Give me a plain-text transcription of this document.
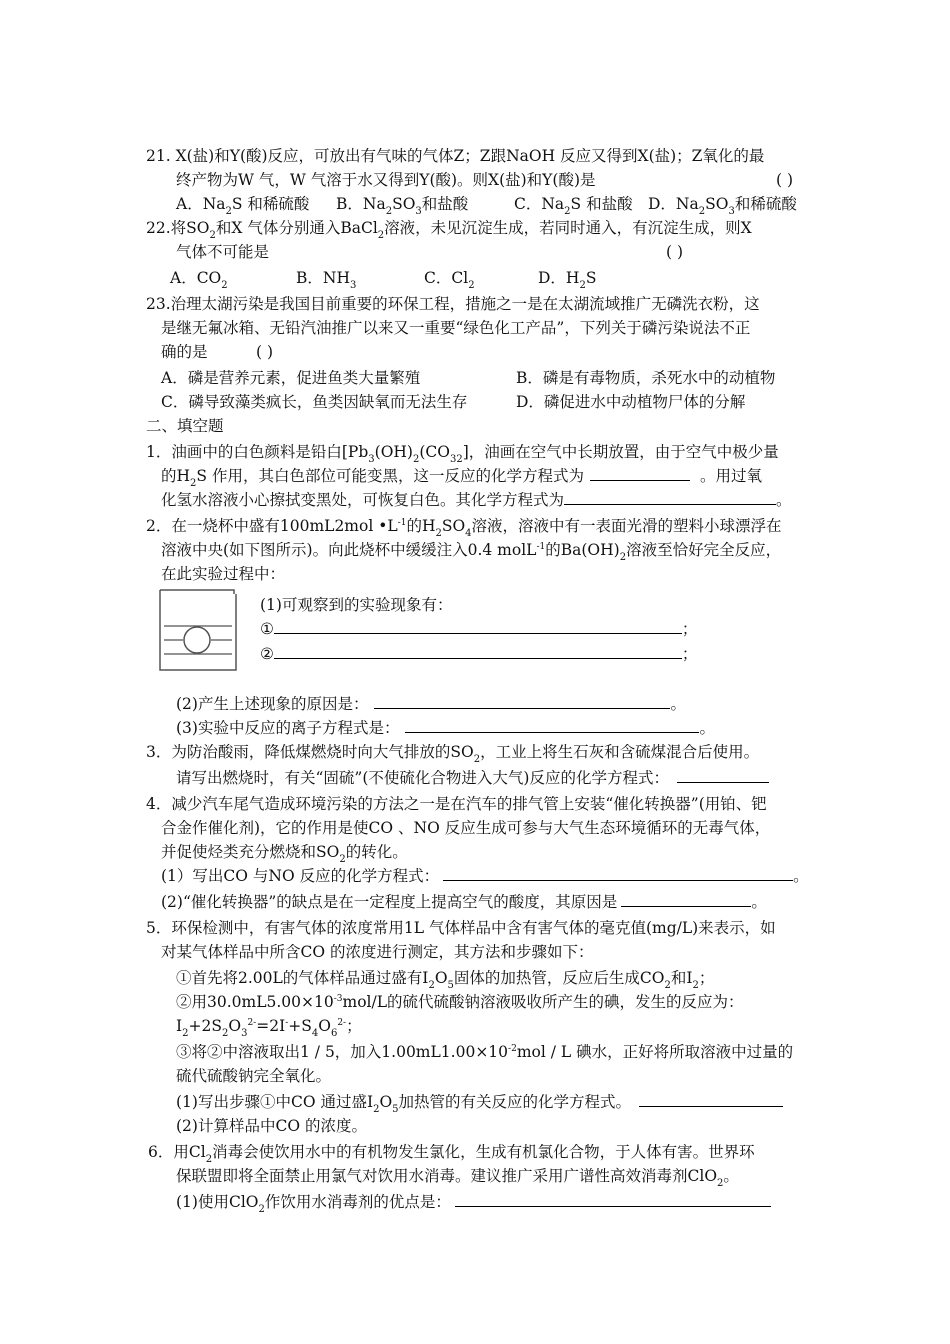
21. X(盐)和Y(酸)反应，可放出有气味的气体Z；Z跟NaOH 反应又得到X(盐)；Z氧化的最
终产物为W 气，W 气溶于水又得到Y(酸)。则X(盐)和Y(酸)是	( )
A．$Na_2S$ 和稀硫酸 B．$Na_2SO_3$和盐酸	C．$Na_2S$ 和盐酸 D．$Na_2SO_3$和稀硫酸
22.将$SO_2$和X 气体分别通入BaCl$_2$溶液，未见沉淀生成，若同时通入，有沉淀生成，则X
气体不可能是	( )
A．$CO_2$	B．$NH_3$	C．$Cl_2$	D．$H_2S$
23.治理太湖污染是我国目前重要的环保工程，措施之一是在太湖流域推广无磷洗衣粉，这
是继无氟冰箱、无铅汽油推广以来又一重要“绿色化工产品”，下列关于磷污染说法不正
确的是	( )
A．磷是营养元素，促进鱼类大量繁殖	B．磷是有毒物质，杀死水中的动植物
C．磷导致藻类疯长，鱼类因缺氧而无法生存	D．磷促进水中动植物尸体的分解
二、填空题
1．油画中的白色颜料是铅白[$Pb_3(OH)_2(CO_{32}]$，油画在空气中长期放置，由于空气中极少量
的$H_2S$ 作用，其白色部位可能变黑，这一反应的化学方程式为	。用过氧
化氢水溶液小心擦拭变黑处，可恢复白色。其化学方程式为	。
2．在一烧杯中盛有100mL2mol $•L^{-1}$的$H_2SO_4$溶液，溶液中有一表面光滑的塑料小球漂浮在
溶液中央(如下图所示)。向此烧杯中缓缓注入0.4 molL$^{-1}$的$Ba(OH)_2$溶液至恰好完全反应，
在此实验过程中：
(1)可观察到的实验现象有：
①	；
②	；
(2)产生上述现象的原因是：	。
(3)实验中反应的离子方程式是：	。
3．为防治酸雨，降低煤燃烧时向大气排放的$SO_2$，工业上将生石灰和含硫煤混合后使用。
请写出燃烧时，有关“固硫”(不使硫化合物进入大气)反应的化学方程式：
4．减少汽车尾气造成环境污染的方法之一是在汽车的排气管上安装“催化转换器”(用铂、钯
合金作催化剂)，它的作用是使CO 、NO 反应生成可参与大气生态环境循环的无毒气体，
并促使烃类充分燃烧和$SO_2$的转化。
(1）写出CO 与NO 反应的化学方程式：	。
(2)“催化转换器”的缺点是在一定程度上提高空气的酸度，其原因是	。
5．环保检测中，有害气体的浓度常用1L 气体样品中含有害气体的毫克值(mg/L)来表示，如
对某气体样品中所含CO 的浓度进行测定，其方法和步骤如下：
①首先将2.00L的气体样品通过盛有$I_2O_5$固体的加热管，反应后生成$CO_2$和$I_2$；
②用$30.0mL5.00\times 10^{-3}mol/L$的硫代硫酸钠溶液吸收所产生的碘，发生的反应为：
$I_2+2S_2O_3^{2-}=2I^-+S_4O_6^{2-}$；
③将②中溶液取出1 / 5，加入$1.00mL1.00\times 10^{-2}mol / L$ 碘水，正好将所取溶液中过量的
硫代硫酸钠完全氧化。
(1)写出步骤①中CO 通过盛$I_2O_5$加热管的有关反应的化学方程式。
(2)计算样品中CO 的浓度。
6．用$Cl_2$消毒会使饮用水中的有机物发生氯化，生成有机氯化合物，于人体有害。世界环
保联盟即将全面禁止用氯气对饮用水消毒。建议推广采用广谱性高效消毒剂ClO$_2$。
(1)使用ClO$_2$作饮用水消毒剂的优点是：
